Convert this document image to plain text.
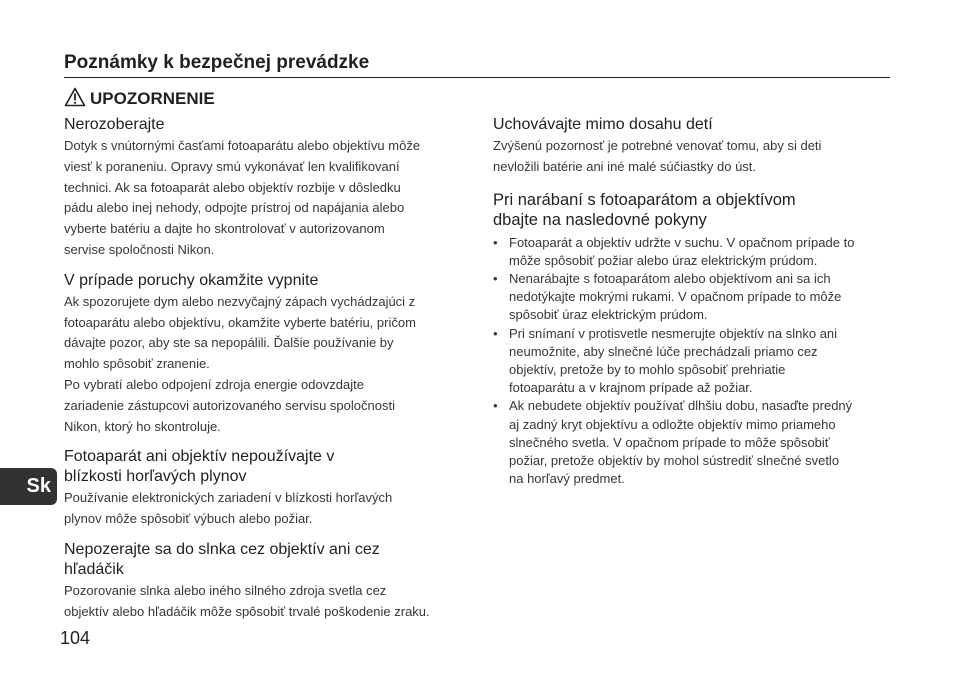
Poznámky k bezpečnej prevádzke
UPOZORNENIE
Nerozoberajte

Dotyk s vnútornými časťami fotoaparátu alebo objektívu môže
viesť k poraneniu. Opravy smú vykonávať len kvalifikovaní
technici. Ak sa fotoaparát alebo objektív rozbije v dôsledku
pádu alebo inej nehody, odpojte prístroj od napájania alebo
vyberte batériu a dajte ho skontrolovať v autorizovanom
servise spoločnosti Nikon.

V prípade poruchy okamžite vypnite

Ak spozorujete dym alebo nezvyčajný zápach vychádzajúci z
fotoaparátu alebo objektívu, okamžite vyberte batériu, pričom
dávajte pozor, aby ste sa nepopálili. Ďalšie používanie by
mohlo spôsobiť zranenie.
Po vybratí alebo odpojení zdroja energie odovzdajte
zariadenie zástupcovi autorizovaného servisu spoločnosti
Nikon, ktorý ho skontroluje.

Fotoaparát ani objektív nepoužívajte v
blízkosti horľavých plynov

Používanie elektronických zariadení v blízkosti horľavých
plynov môže spôsobiť výbuch alebo požiar.

Nepozerajte sa do slnka cez objektív ani cez
hľadáčik

Pozorovanie slnka alebo iného silného zdroja svetla cez
objektív alebo hľadáčik môže spôsobiť trvalé poškodenie zraku.

Uchovávajte mimo dosahu detí

Zvýšenú pozornosť je potrebné venovať tomu, aby si deti
nevložili batérie ani iné malé súčiastky do úst.

Pri narábaní s fotoaparátom a objektívom
dbajte na nasledovné pokyny
• Fotoaparát a objektív udržte v suchu. V opačnom prípade to
môže spôsobiť požiar alebo úraz elektrickým prúdom.
• Nenarábajte s fotoaparátom alebo objektívom ani sa ich
nedotýkajte mokrými rukami. V opačnom prípade to môže
spôsobiť úraz elektrickým prúdom.
• Pri snímaní v protisvetle nesmerujte objektív na slnko ani
neumožnite, aby slnečné lúče prechádzali priamo cez
objektív, pretože by to mohlo spôsobiť prehriatie
fotoaparátu a v krajnom prípade až požiar.
• Ak nebudete objektív používať dlhšiu dobu, nasaďte predný
aj zadný kryt objektívu a odložte objektív mimo priameho
slnečného svetla. V opačnom prípade to môže spôsobiť
požiar, pretože objektív by mohol sústrediť slnečné svetlo
na horľavý predmet.
Sk
104
